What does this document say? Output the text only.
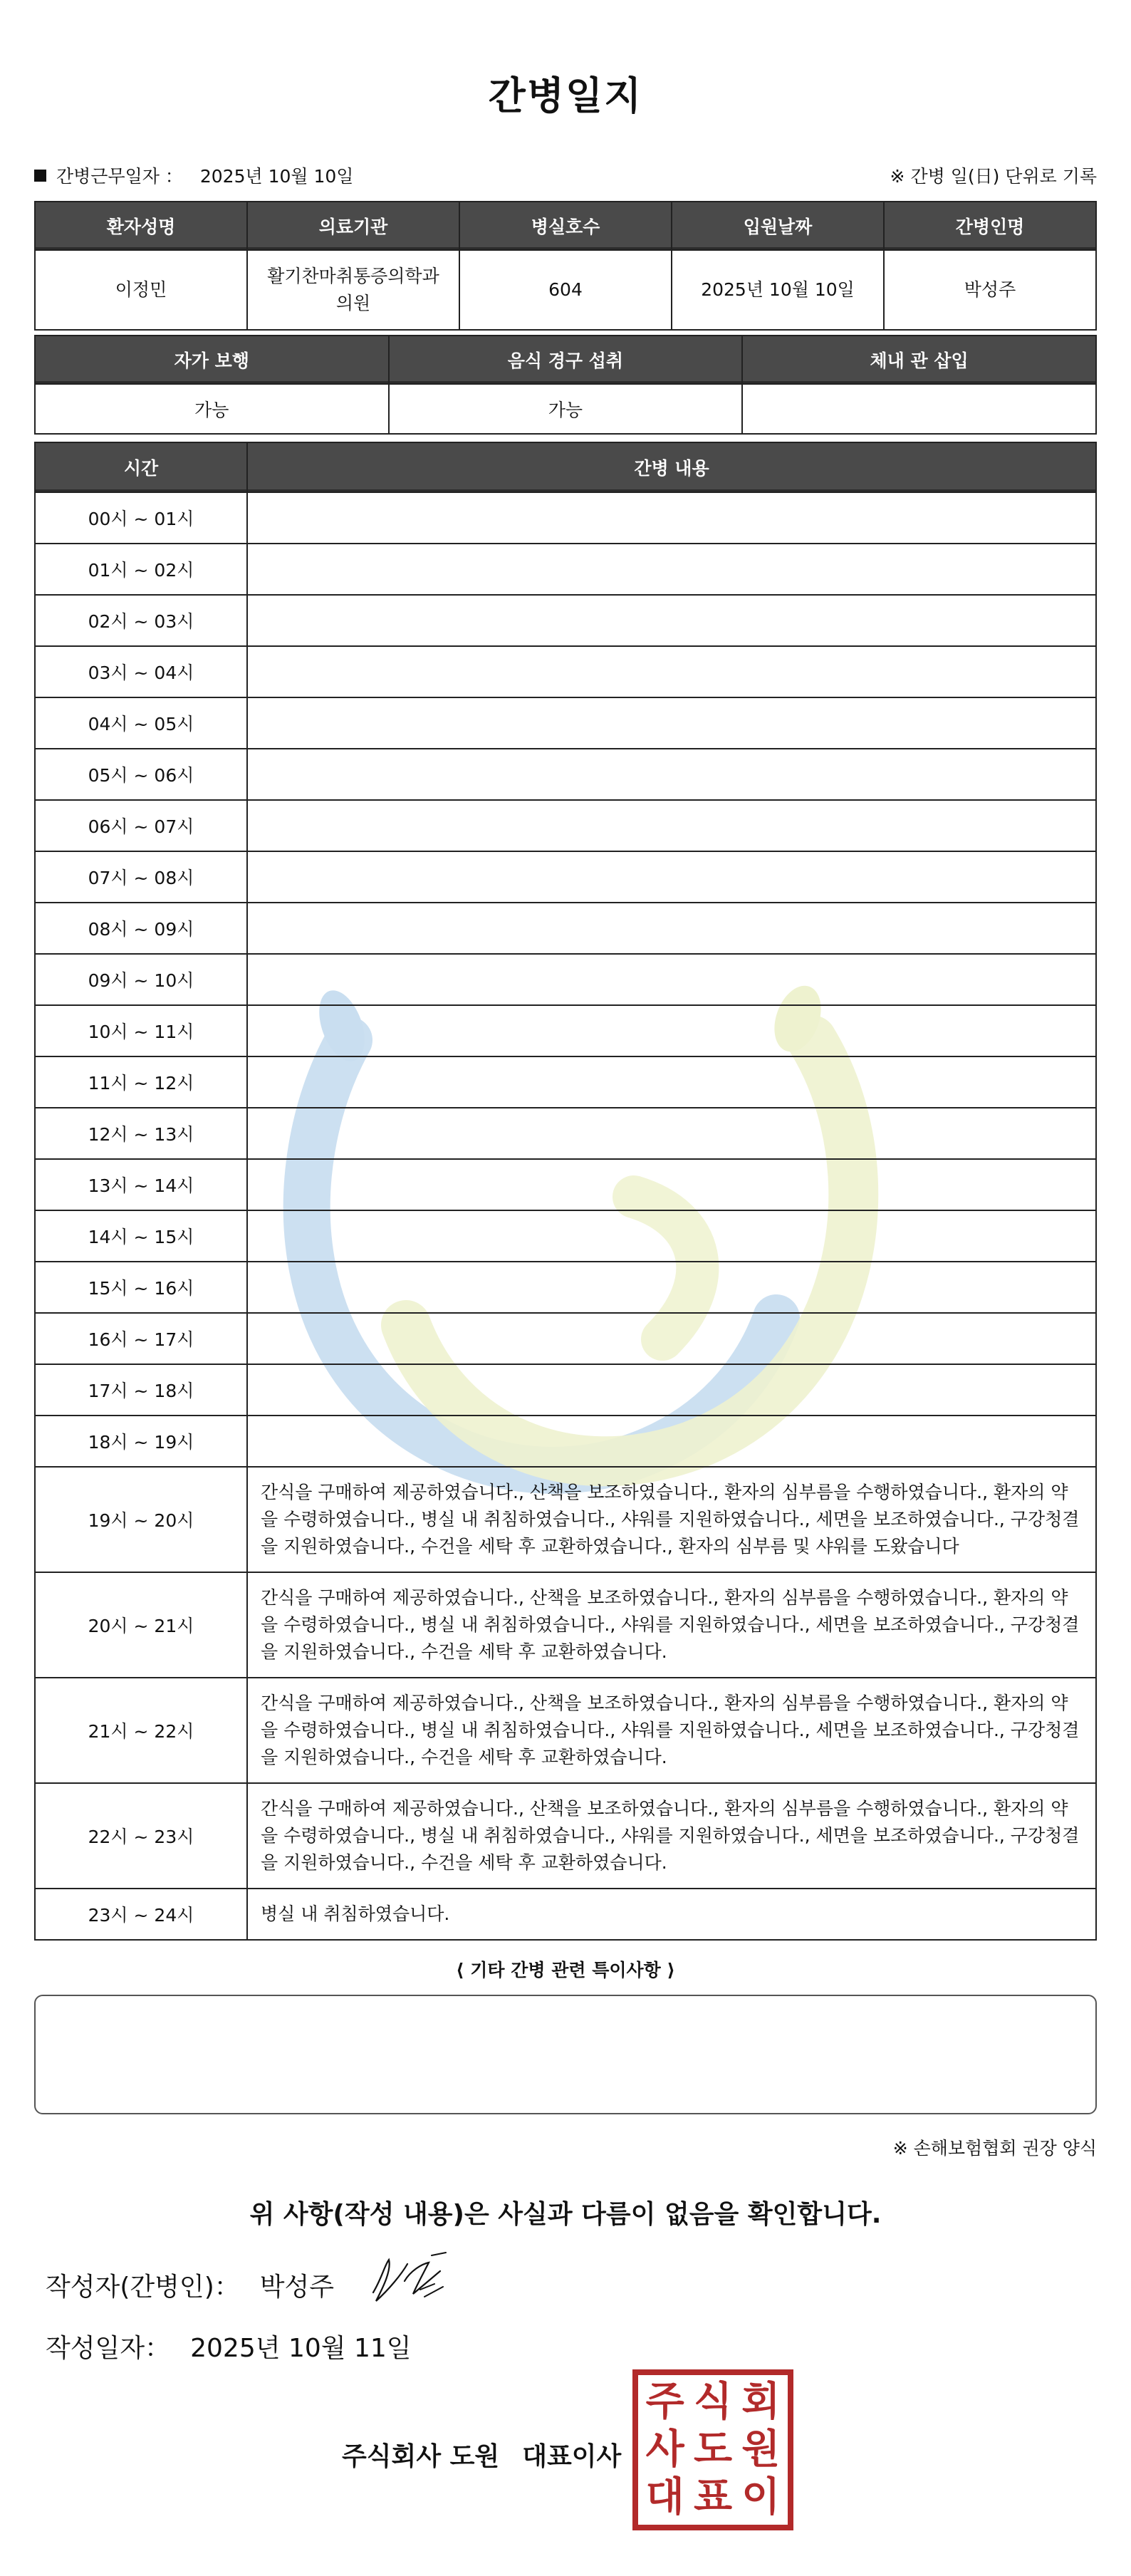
간병일지
간병근무일자 ： 2025년 10월 10일	※ 간병 일(日) 단위로 기록
환자성명	의료기관	병실호수	입원날짜	간병인명
이정민	활기찬마취통증의학과의원	604	2025년 10월 10일	박성주
자가 보행	음식 경구 섭취	체내 관 삽입
가능	가능	
시간	간병 내용
00시 ~ 01시	
01시 ~ 02시	
02시 ~ 03시	
03시 ~ 04시	
04시 ~ 05시	
05시 ~ 06시	
06시 ~ 07시	
07시 ~ 08시	
08시 ~ 09시	
09시 ~ 10시	
10시 ~ 11시	
11시 ~ 12시	
12시 ~ 13시	
13시 ~ 14시	
14시 ~ 15시	
15시 ~ 16시	
16시 ~ 17시	
17시 ~ 18시	
18시 ~ 19시	
19시 ~ 20시	간식을 구매하여 제공하였습니다., 산책을 보조하였습니다., 환자의 심부름을 수행하였습니다., 환자의 약을 수령하였습니다., 병실 내 취침하였습니다., 샤워를 지원하였습니다., 세면을 보조하였습니다., 구강청결을 지원하였습니다., 수건을 세탁 후 교환하였습니다., 환자의 심부름 및 샤워를 도왔습니다
20시 ~ 21시	간식을 구매하여 제공하였습니다., 산책을 보조하였습니다., 환자의 심부름을 수행하였습니다., 환자의 약을 수령하였습니다., 병실 내 취침하였습니다., 샤워를 지원하였습니다., 세면을 보조하였습니다., 구강청결을 지원하였습니다., 수건을 세탁 후 교환하였습니다.
21시 ~ 22시	간식을 구매하여 제공하였습니다., 산책을 보조하였습니다., 환자의 심부름을 수행하였습니다., 환자의 약을 수령하였습니다., 병실 내 취침하였습니다., 샤워를 지원하였습니다., 세면을 보조하였습니다., 구강청결을 지원하였습니다., 수건을 세탁 후 교환하였습니다.
22시 ~ 23시	간식을 구매하여 제공하였습니다., 산책을 보조하였습니다., 환자의 심부름을 수행하였습니다., 환자의 약을 수령하였습니다., 병실 내 취침하였습니다., 샤워를 지원하였습니다., 세면을 보조하였습니다., 구강청결을 지원하였습니다., 수건을 세탁 후 교환하였습니다.
23시 ~ 24시	병실 내 취침하였습니다.
⟨ 기타 간병 관련 특이사항 ⟩
※ 손해보험협회 권장 양식
위 사항(작성 내용)은 사실과 다름이 없음을 확인합니다.
작성자(간병인)： 박성주
작성일자： 2025년 10월 11일
주식회사 도원 대표이사
주 식 회
사 도 원
대 표 이
